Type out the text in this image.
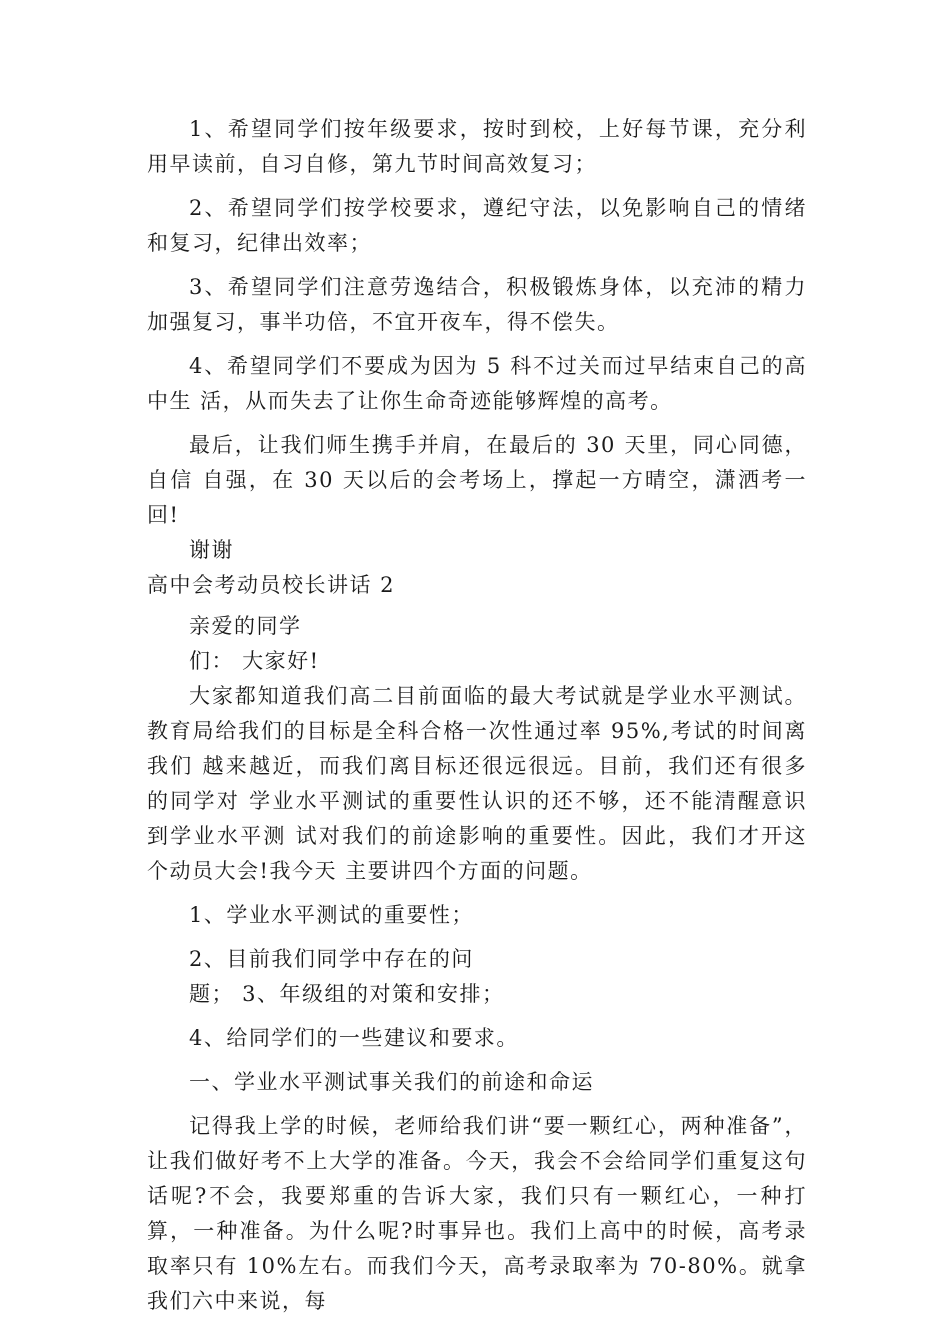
1、希望同学们按年级要求，按时到校，上好每节课，充分利用早读前，自习自修，第九节时间高效复习；

2、希望同学们按学校要求，遵纪守法，以免影响自己的情绪和复习，纪律出效率；

3、希望同学们注意劳逸结合，积极锻炼身体，以充沛的精力加强复习，事半功倍，不宜开夜车，得不偿失。

4、希望同学们不要成为因为 5 科不过关而过早结束自己的高中生 活，从而失去了让你生命奇迹能够辉煌的高考。

最后，让我们师生携手并肩，在最后的 30 天里，同心同德，自信 自强，在 30 天以后的会考场上，撑起一方晴空，潇洒考一回!

谢谢

高中会考动员校长讲话 2

亲爱的同学

们： 大家好!

大家都知道我们高二目前面临的最大考试就是学业水平测试。教育局给我们的目标是全科合格一次性通过率 95%,考试的时间离我们 越来越近，而我们离目标还很远很远。目前，我们还有很多的同学对 学业水平测试的重要性认识的还不够，还不能清醒意识到学业水平测 试对我们的前途影响的重要性。因此，我们才开这个动员大会!我今天 主要讲四个方面的问题。

1、学业水平测试的重要性；

2、目前我们同学中存在的问

题； 3、年级组的对策和安排；

4、给同学们的一些建议和要求。

一、学业水平测试事关我们的前途和命运

记得我上学的时候，老师给我们讲“要一颗红心，两种准备”，让我们做好考不上大学的准备。今天，我会不会给同学们重复这句话呢?不会，我要郑重的告诉大家，我们只有一颗红心，一种打算，一种准备。为什么呢?时事异也。我们上高中的时候，高考录取率只有 10%左右。而我们今天，高考录取率为 70-80%。就拿我们六中来说，每
